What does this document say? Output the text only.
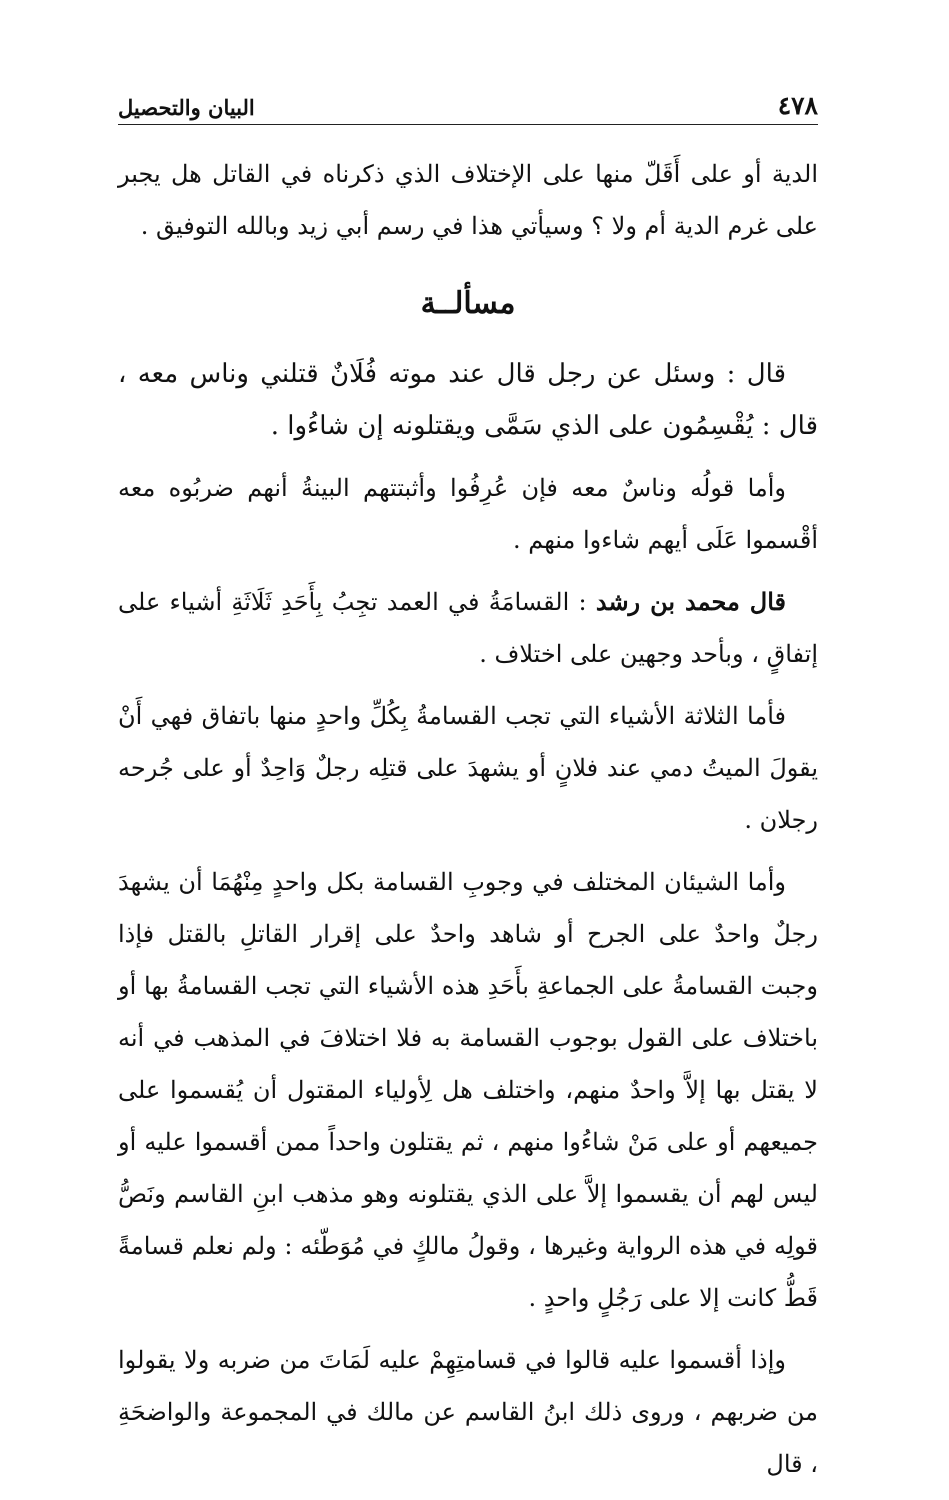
٤٧٨
البيان والتحصيل

الدية أو على أَقَلّ منها على الإختلاف الذي ذكرناه في القاتل هل يجبر على غرم الدية أم ولا ؟ وسيأتي هذا في رسم أبي زيد وبالله التوفيق .

مسألــة

قال : وسئل عن رجل قال عند موته فُلَانٌ قتلني وناس معه ، قال : يُقْسِمُون على الذي سَمَّى ويقتلونه إن شاءُوا .

وأما قولُه وناسٌ معه فإن عُرِفُوا وأثبتتهم البينةُ أنهم ضربُوه معه أقْسموا عَلَى أيهم شاءوا منهم .

قال محمد بن رشد : القسامَةُ في العمد تجِبُ بِأَحَدِ ثَلَاثَةِ أشياء على إتفاقٍ ، وبأحد وجهين على اختلاف .

فأما الثلاثة الأشياء التي تجب القسامةُ بِكُلِّ واحدٍ منها باتفاق فهي أَنْ يقولَ الميتُ دمي عند فلانٍ أو يشهدَ على قتلِه رجلٌ وَاحِدٌ أو على جُرحه رجلان .

وأما الشيئان المختلف في وجوبِ القسامة بكل واحدٍ مِنْهُمَا أن يشهدَ رجلٌ واحدٌ على الجرح أو شاهد واحدٌ على إقرار القاتلِ بالقتل فإذا وجبت القسامةُ على الجماعةِ بأَحَدِ هذه الأشياء التي تجب القسامةُ بها أو باختلاف على القول بوجوب القسامة به فلا اختلافَ في المذهب في أنه لا يقتل بها إلاَّ واحدٌ منهم، واختلف هل لِأولياء المقتول أن يُقسموا على جميعهم أو على مَنْ شاءُوا منهم ، ثم يقتلون واحداً ممن أقسموا عليه أو ليس لهم أن يقسموا إلاَّ على الذي يقتلونه وهو مذهب ابنِ القاسم ونَصُّ قولِه في هذه الرواية وغيرها ، وقولُ مالكٍ في مُوَطّئه : ولم نعلم قسامةً قَطُّ كانت إلا على رَجُلٍ واحدٍ .

وإذا أقسموا عليه قالوا في قسامتِهِمْ عليه لَمَاتَ من ضربه ولا يقولوا من ضربهم ، وروى ذلك ابنُ القاسم عن مالك في المجموعة والواضحَةِ ، قال
